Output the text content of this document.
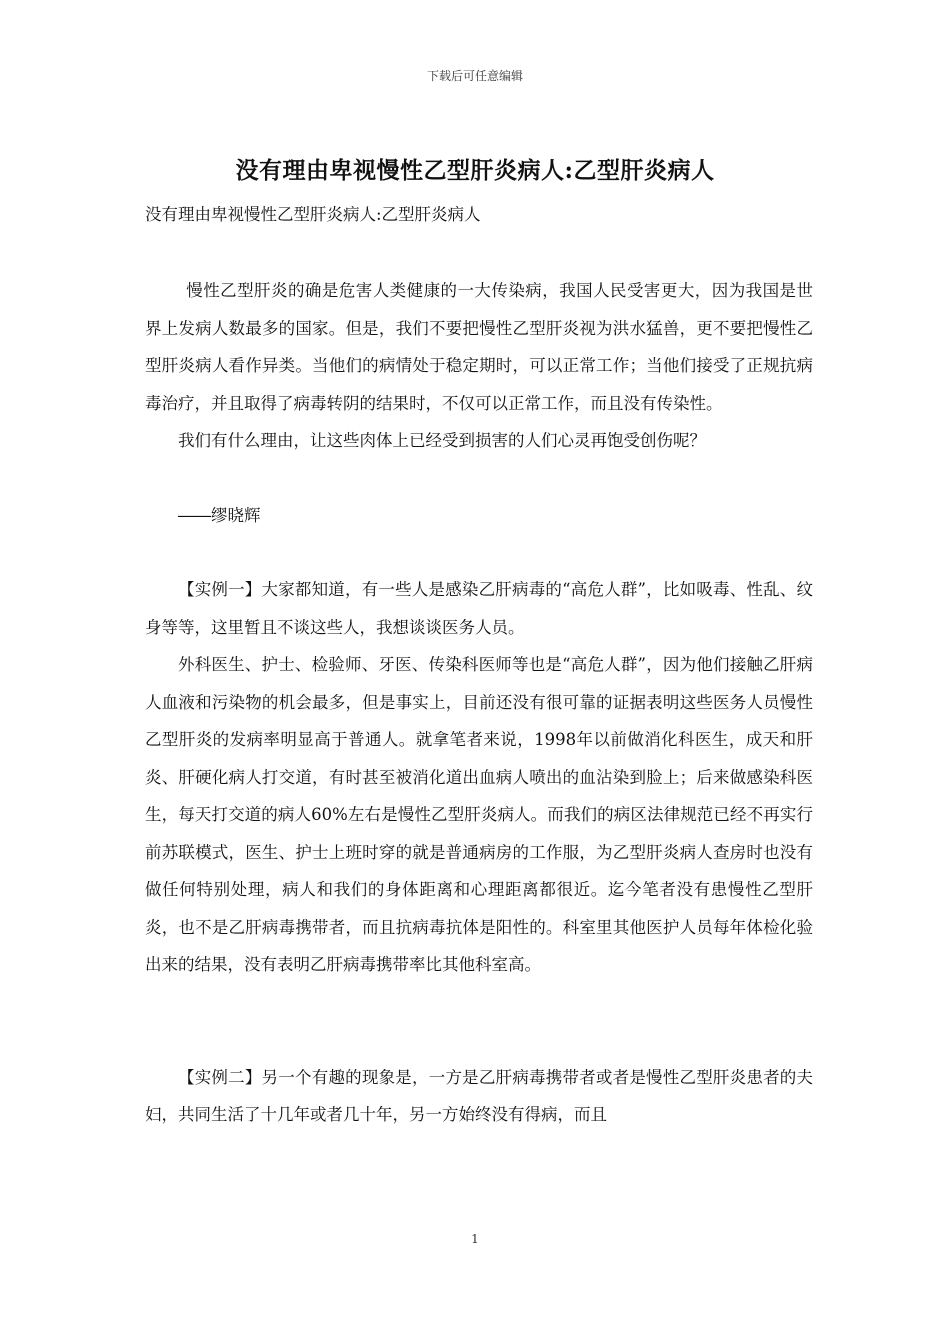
下载后可任意编辑
没有理由卑视慢性乙型肝炎病人:乙型肝炎病人
没有理由卑视慢性乙型肝炎病人:乙型肝炎病人

慢性乙型肝炎的确是危害人类健康的一大传染病，我国人民受害更大，因为我国是世界上发病人数最多的国家。但是，我们不要把慢性乙型肝炎视为洪水猛兽，更不要把慢性乙型肝炎病人看作异类。当他们的病情处于稳定期时，可以正常工作；当他们接受了正规抗病毒治疗，并且取得了病毒转阴的结果时，不仅可以正常工作，而且没有传染性。

我们有什么理由，让这些肉体上已经受到损害的人们心灵再饱受创伤呢？

――缪晓辉

【实例一】大家都知道，有一些人是感染乙肝病毒的“高危人群”，比如吸毒、性乱、纹身等等，这里暂且不谈这些人，我想谈谈医务人员。

外科医生、护士、检验师、牙医、传染科医师等也是“高危人群”，因为他们接触乙肝病人血液和污染物的机会最多，但是事实上，目前还没有很可靠的证据表明这些医务人员慢性乙型肝炎的发病率明显高于普通人。就拿笔者来说，1998年以前做消化科医生，成天和肝炎、肝硬化病人打交道，有时甚至被消化道出血病人喷出的血沾染到脸上；后来做感染科医生，每天打交道的病人60%左右是慢性乙型肝炎病人。而我们的病区法律规范已经不再实行前苏联模式，医生、护士上班时穿的就是普通病房的工作服，为乙型肝炎病人查房时也没有做任何特别处理，病人和我们的身体距离和心理距离都很近。迄今笔者没有患慢性乙型肝炎，也不是乙肝病毒携带者，而且抗病毒抗体是阳性的。科室里其他医护人员每年体检化验出来的结果，没有表明乙肝病毒携带率比其他科室高。

【实例二】另一个有趣的现象是，一方是乙肝病毒携带者或者是慢性乙型肝炎患者的夫妇，共同生活了十几年或者几十年，另一方始终没有得病，而且

1
